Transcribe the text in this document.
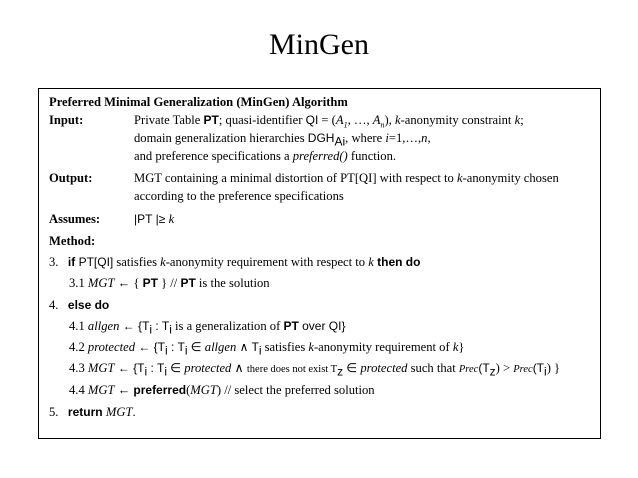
MinGen
Preferred Minimal Generalization (MinGen) Algorithm
Input:	Private Table PT; quasi-identifier QI = ($A_1$, …, $A_n$), k-anonymity constraint k;
domain generalization hierarchies $DGH_{Ai}$, where i=1,…,n,
and preference specifications a preferred() function.
Output:	MGT containing a minimal distortion of PT[QI] with respect to k-anonymity chosen
according to the preference specifications
Assumes:	|PT |≥ k
Method:
3. if PT[QI] satisfies k-anonymity requirement with respect to k then do
3.1 MGT ← { PT } // PT is the solution
4. else do
4.1 allgen ← {$T_i$ : $T_i$ is a generalization of PT over QI}
4.2 protected ← {$T_i$ : $T_i$ ∈ allgen ∧ $T_i$ satisfies k-anonymity requirement of k}
4.3 MGT ← {$T_i$ : $T_i$ ∈ protected ∧ there does not exist $T_z$ ∈ protected such that $Prec(T_z)$ > $Prec(T_i)$ }
4.4 MGT ← preferred(MGT) // select the preferred solution
5. return MGT.
